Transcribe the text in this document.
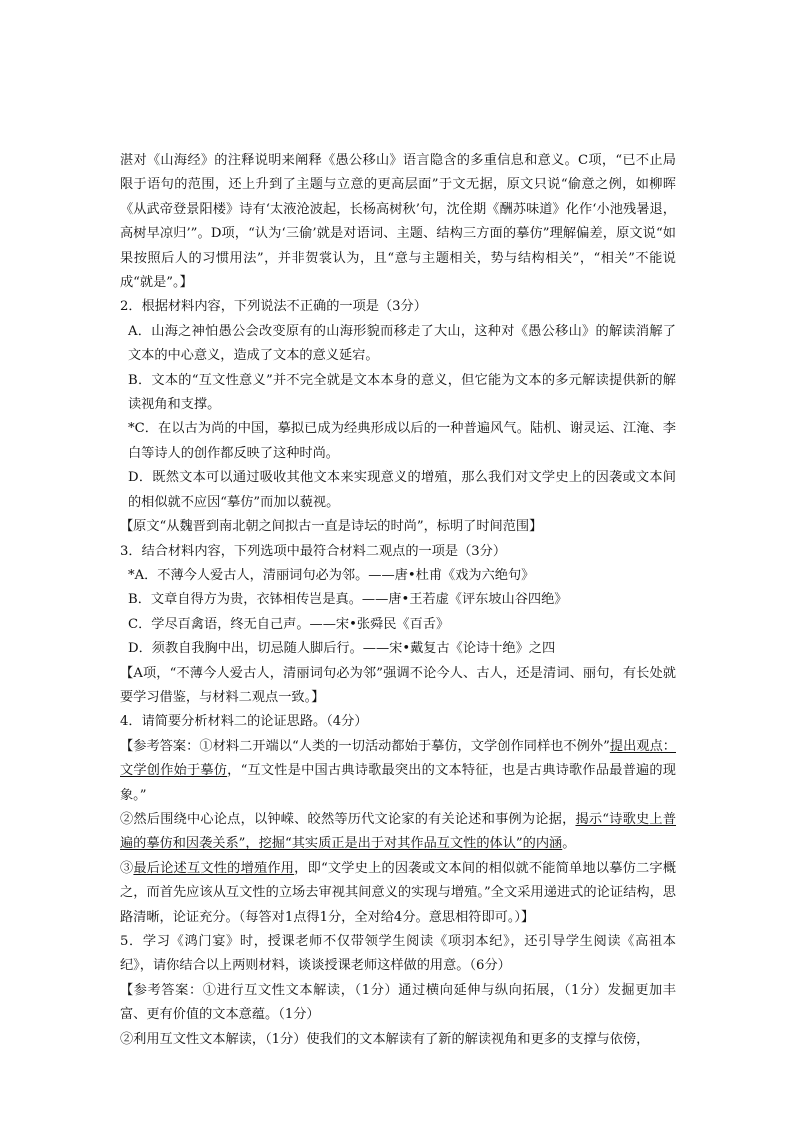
湛对《山海经》的注释说明来阐释《愚公移山》语言隐含的多重信息和意义。C项，“已不止局限于语句的范围，还上升到了主题与立意的更高层面”于文无据，原文只说“偷意之例，如柳晖《从武帝登景阳楼》诗有‘太液沧波起，长杨高树秋’句，沈佺期《酬苏味道》化作‘小池残暑退，高树早凉归’”。D项，“认为‘三偷’就是对语词、主题、结构三方面的摹仿”理解偏差，原文说“如果按照后人的习惯用法”，并非贺裳认为，且“意与主题相关，势与结构相关”，“相关”不能说成“就是”。】
2．根据材料内容，下列说法不正确的一项是（3分）
A．山海之神怕愚公会改变原有的山海形貌而移走了大山，这种对《愚公移山》的解读消解了文本的中心意义，造成了文本的意义延宕。
B．文本的“互文性意义”并不完全就是文本本身的意义，但它能为文本的多元解读提供新的解读视角和支撑。
*C．在以古为尚的中国，摹拟已成为经典形成以后的一种普遍风气。陆机、谢灵运、江淹、李白等诗人的创作都反映了这种时尚。
D．既然文本可以通过吸收其他文本来实现意义的增殖，那么我们对文学史上的因袭或文本间的相似就不应因“摹仿”而加以藐视。
【原文“从魏晋到南北朝之间拟古一直是诗坛的时尚”，标明了时间范围】
3．结合材料内容，下列选项中最符合材料二观点的一项是（3分）
*A．不薄今人爱古人，清丽词句必为邻。——唐•杜甫《戏为六绝句》
B．文章自得方为贵，衣钵相传岂是真。——唐•王若虚《评东坡山谷四绝》
C．学尽百禽语，终无自己声。——宋•张舜民《百舌》
D．须教自我胸中出，切忌随人脚后行。——宋•戴复古《论诗十绝》之四
【A项，“不薄今人爱古人，清丽词句必为邻”强调不论今人、古人，还是清词、丽句，有长处就要学习借鉴，与材料二观点一致。】
4．请简要分析材料二的论证思路。（4分）
【参考答案：①材料二开端以“人类的一切活动都始于摹仿，文学创作同样也不例外”提出观点：文学创作始于摹仿，“互文性是中国古典诗歌最突出的文本特征，也是古典诗歌作品最普遍的现象。”
②然后围绕中心论点，以钟嵘、皎然等历代文论家的有关论述和事例为论据，揭示“诗歌史上普遍的摹仿和因袭关系”，挖掘“其实质正是出于对其作品互文性的体认”的内涵。
③最后论述互文性的增殖作用，即“文学史上的因袭或文本间的相似就不能简单地以摹仿二字概之，而首先应该从互文性的立场去审视其间意义的实现与增殖。”全文采用递进式的论证结构，思路清晰，论证充分。（每答对1点得1分，全对给4分。意思相符即可。）】
5．学习《鸿门宴》时，授课老师不仅带领学生阅读《项羽本纪》，还引导学生阅读《高祖本纪》，请你结合以上两则材料，谈谈授课老师这样做的用意。（6分）
【参考答案：①进行互文性文本解读，（1分）通过横向延伸与纵向拓展，（1分）发掘更加丰富、更有价值的文本意蕴。（1分）
②利用互文性文本解读，（1分）使我们的文本解读有了新的解读视角和更多的支撑与依傍，
